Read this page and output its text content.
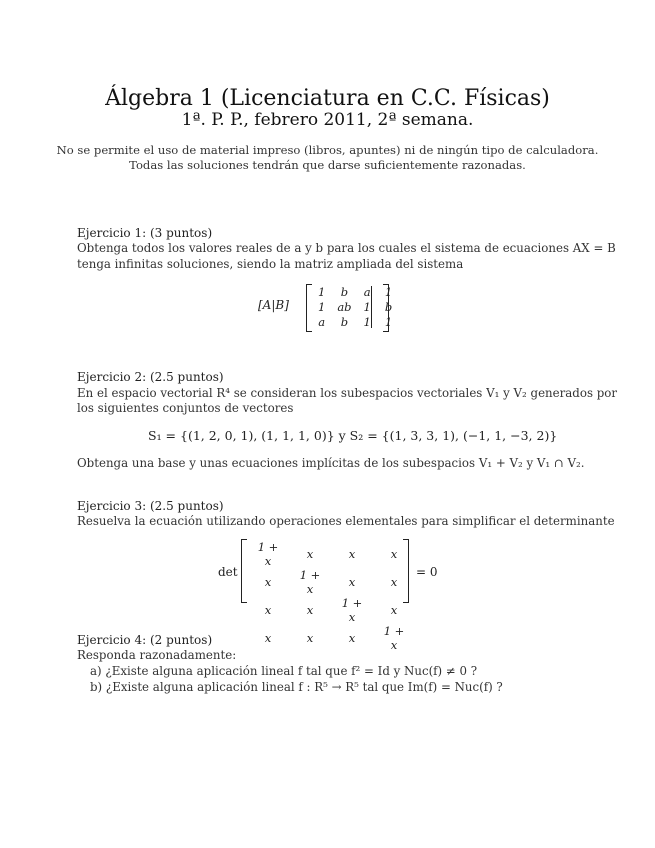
Álgebra 1 (Licenciatura en C.C. Físicas)
1ª. P. P., febrero 2011, 2ª semana.
No se permite el uso de material impreso (libros, apuntes) ni de ningún tipo de calculadora.
Todas las soluciones tendrán que darse suficientemente razonadas.
Ejercicio 1: (3 puntos)
Obtenga todos los valores reales de a y b para los cuales el sistema de ecuaciones AX = B
tenga infinitas soluciones, siendo la matriz ampliada del sistema
[A|B]
1	b	a	1
1	ab	1	b
a	b	1	1
Ejercicio 2: (2.5 puntos)
En el espacio vectorial R⁴ se consideran los subespacios vectoriales V₁ y V₂ generados por
los siguientes conjuntos de vectores
S₁ = {(1, 2, 0, 1), (1, 1, 1, 0)} y S₂ = {(1, 3, 3, 1), (−1, 1, −3, 2)}
Obtenga una base y unas ecuaciones implícitas de los subespacios V₁ + V₂ y V₁ ∩ V₂.
Ejercicio 3: (2.5 puntos)
Resuelva la ecuación utilizando operaciones elementales para simplificar el determinante
det
1 + x	x	x	x
x	1 + x	x	x
x	x	1 + x	x
x	x	x	1 + x
= 0
Ejercicio 4: (2 puntos)
Responda razonadamente:
a) ¿Existe alguna aplicación lineal f tal que f² = Id y Nuc(f) ≠ 0 ?
b) ¿Existe alguna aplicación lineal f : R⁵ → R⁵ tal que Im(f) = Nuc(f) ?
